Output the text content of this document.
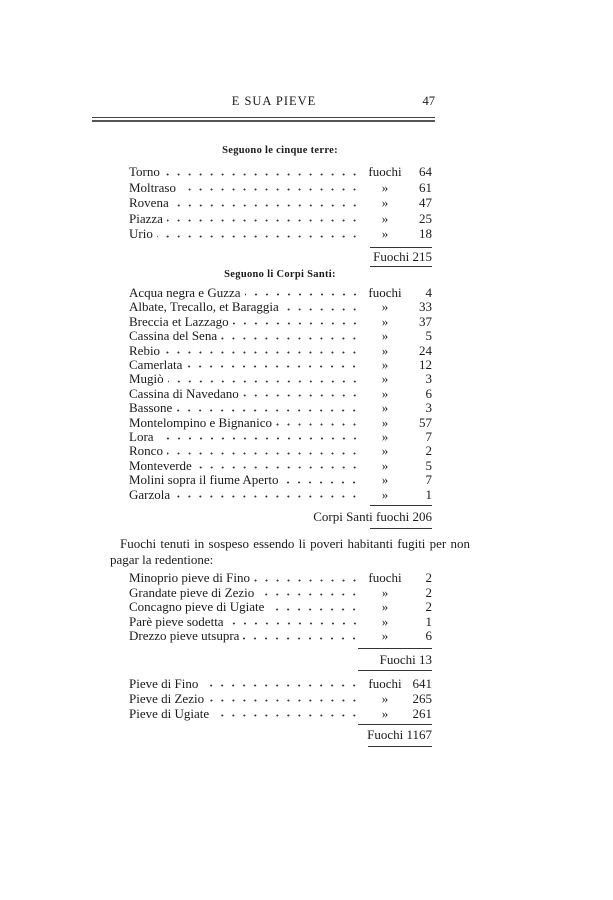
E SUA PIEVE	47
Seguono le cinque terre:
Torno	fuochi	64
Moltraso	»	61
Rovena	»	47
Piazza	»	25
Urio	»	18
Fuochi 215
Seguono li Corpi Santi:
Acqua negra e Guzza	fuochi	4
Albate, Trecallo, et Baraggia	»	33
Breccia et Lazzago	»	37
Cassina del Sena	»	5
Rebio	»	24
Camerlata	»	12
Mugiò	»	3
Cassina di Navedano	»	6
Bassone	»	3
Montelompino e Bignanico	»	57
Lora	»	7
Ronco	»	2
Monteverde	»	5
Molini sopra il fiume Aperto	»	7
Garzola	»	1
Corpi Santi fuochi 206
Fuochi tenuti in sospeso essendo li poveri habitanti fugiti per non pagar la redentione:
Minoprio pieve di Fino	fuochi	2
Grandate pieve di Zezio	»	2
Concagno pieve di Ugiate	»	2
Parè pieve sodetta	»	1
Drezzo pieve utsupra	»	6
Fuochi 13
Pieve di Fino	fuochi 641
Pieve di Zezio	»	265
Pieve di Ugiate	»	261
Fuochi 1167
